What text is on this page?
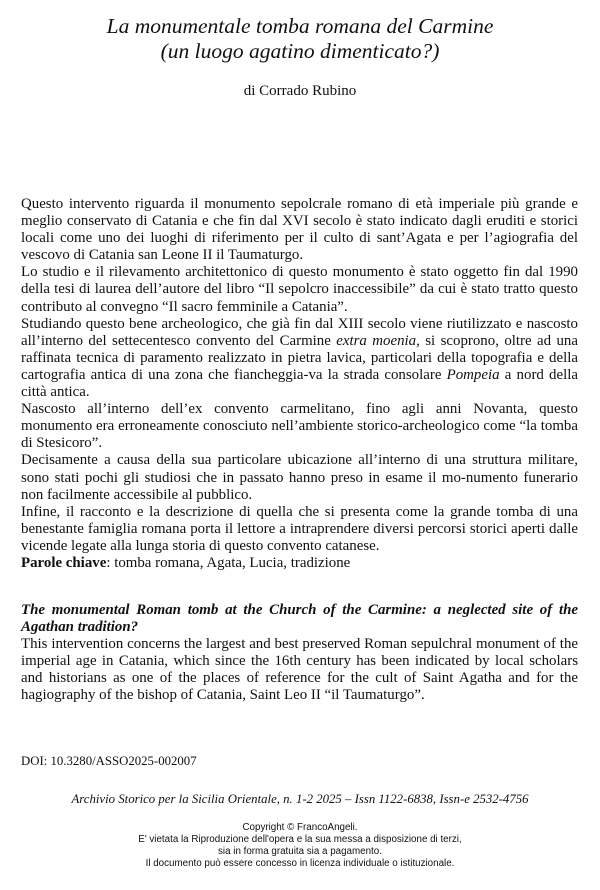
La monumentale tomba romana del Carmine
(un luogo agatino dimenticato?)
di Corrado Rubino

Questo intervento riguarda il monumento sepolcrale romano di età imperiale più grande e meglio conservato di Catania e che fin dal XVI secolo è stato indicato dagli eruditi e storici locali come uno dei luoghi di riferimento per il culto di sant’Agata e per l’agiografia del vescovo di Catania san Leone II il Taumaturgo.

Lo studio e il rilevamento architettonico di questo monumento è stato oggetto fin dal 1990 della tesi di laurea dell’autore del libro “Il sepolcro inaccessibile” da cui è stato tratto questo contributo al convegno “Il sacro femminile a Catania”.

Studiando questo bene archeologico, che già fin dal XIII secolo viene riutilizzato e nascosto all’interno del settecentesco convento del Carmine extra moenia, si scoprono, oltre ad una raffinata tecnica di paramento realizzato in pietra lavica, particolari della topografia e della cartografia antica di una zona che fiancheggia-va la strada consolare Pompeia a nord della città antica.

Nascosto all’interno dell’ex convento carmelitano, fino agli anni Novanta, questo monumento era erroneamente conosciuto nell’ambiente storico-archeologico come “la tomba di Stesicoro”.

Decisamente a causa della sua particolare ubicazione all’interno di una struttura militare, sono stati pochi gli studiosi che in passato hanno preso in esame il mo-numento funerario non facilmente accessibile al pubblico.

Infine, il racconto e la descrizione di quella che si presenta come la grande tomba di una benestante famiglia romana porta il lettore a intraprendere diversi percorsi storici aperti dalle vicende legate alla lunga storia di questo convento catanese.

Parole chiave: tomba romana, Agata, Lucia, tradizione

The monumental Roman tomb at the Church of the Carmine: a neglected site of the Agathan tradition?

This intervention concerns the largest and best preserved Roman sepulchral monument of the imperial age in Catania, which since the 16th century has been indicated by local scholars and historians as one of the places of reference for the cult of Saint Agatha and for the hagiography of the bishop of Catania, Saint Leo II “il Taumaturgo”.

DOI: 10.3280/ASSO2025-002007
Archivio Storico per la Sicilia Orientale, n. 1-2 2025 – Issn 1122-6838, Issn-e 2532-4756
Copyright © FrancoAngeli.
E' vietata la Riproduzione dell'opera e la sua messa a disposizione di terzi,
sia in forma gratuita sia a pagamento.
Il documento può essere concesso in licenza individuale o istituzionale.
